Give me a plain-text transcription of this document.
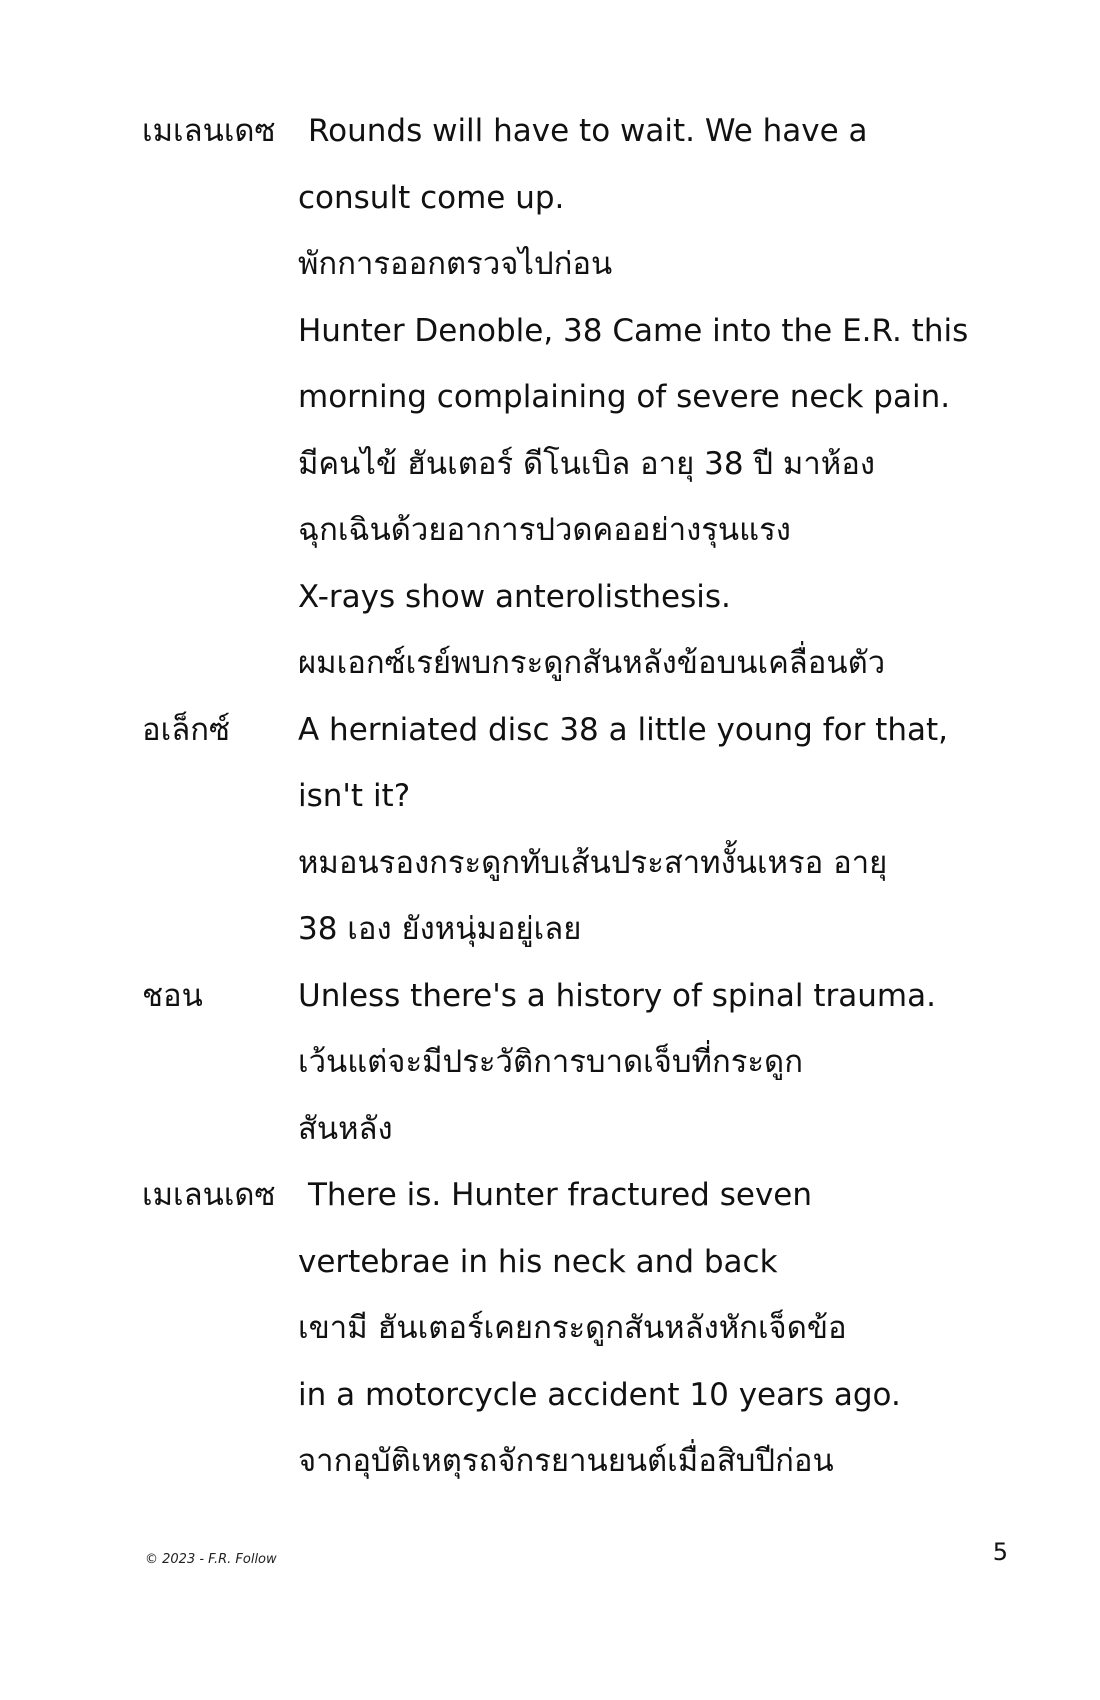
เมเลนเดซ Rounds will have to wait. We have a
consult come up.
พักการออกตรวจไปก่อน
Hunter Denoble, 38 Came into the E.R. this
morning complaining of severe neck pain.
มีคนไข้ ฮันเตอร์ ดีโนเบิล อายุ 38 ปี มาห้อง
ฉุกเฉินด้วยอาการปวดคออย่างรุนแรง
X-rays show anterolisthesis.
ผมเอกซ์เรย์พบกระดูกสันหลังข้อบนเคลื่อนตัว
อเล็กซ์ A herniated disc 38 a little young for that,
isn't it?
หมอนรองกระดูกทับเส้นประสาทงั้นเหรอ อายุ
38 เอง ยังหนุ่มอยู่เลย
ชอน	Unless there's a history of spinal trauma.
เว้นแต่จะมีประวัติการบาดเจ็บที่กระดูก
สันหลัง
เมเลนเดซ There is. Hunter fractured seven
vertebrae in his neck and back
เขามี ฮันเตอร์เคยกระดูกสันหลังหักเจ็ดข้อ
in a motorcycle accident 10 years ago.
จากอุบัติเหตุรถจักรยานยนต์เมื่อสิบปีก่อน
© 2023 - F.R. Follow	5
